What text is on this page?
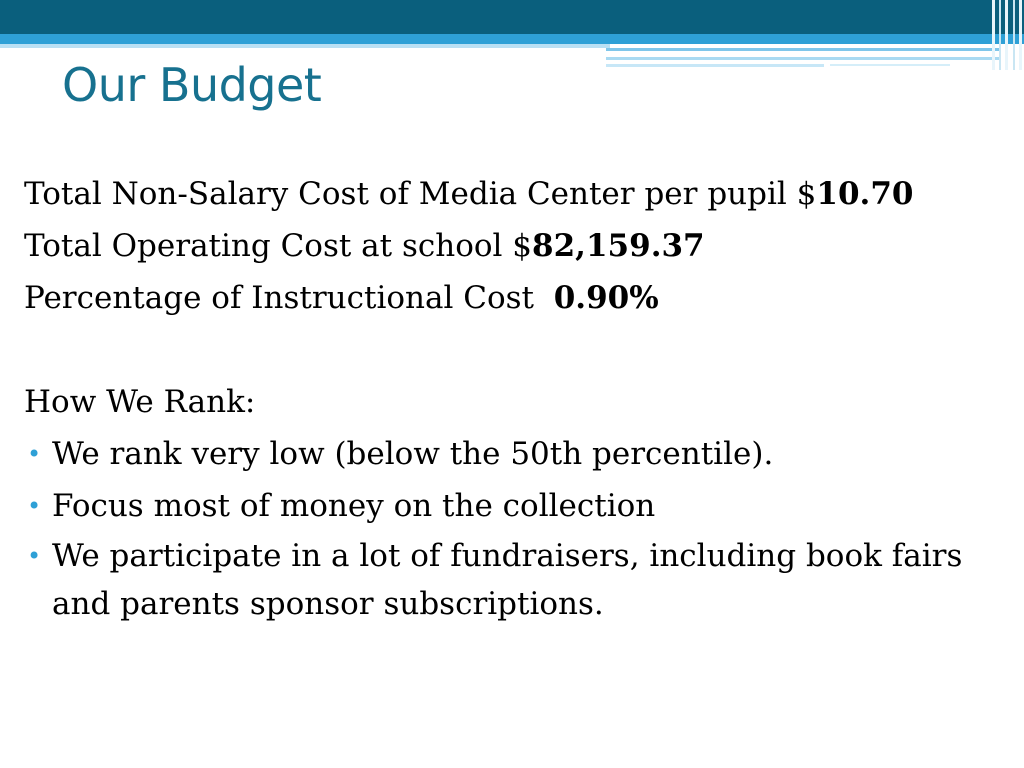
Our Budget
Total Non-Salary Cost of Media Center per pupil $10.70
Total Operating Cost at school $82,159.37
Percentage of Instructional Cost  0.90%
How We Rank:
• We rank very low (below the 50th percentile).
• Focus most of money on the collection
• We participate in a lot of fundraisers, including book fairs and parents sponsor subscriptions.
